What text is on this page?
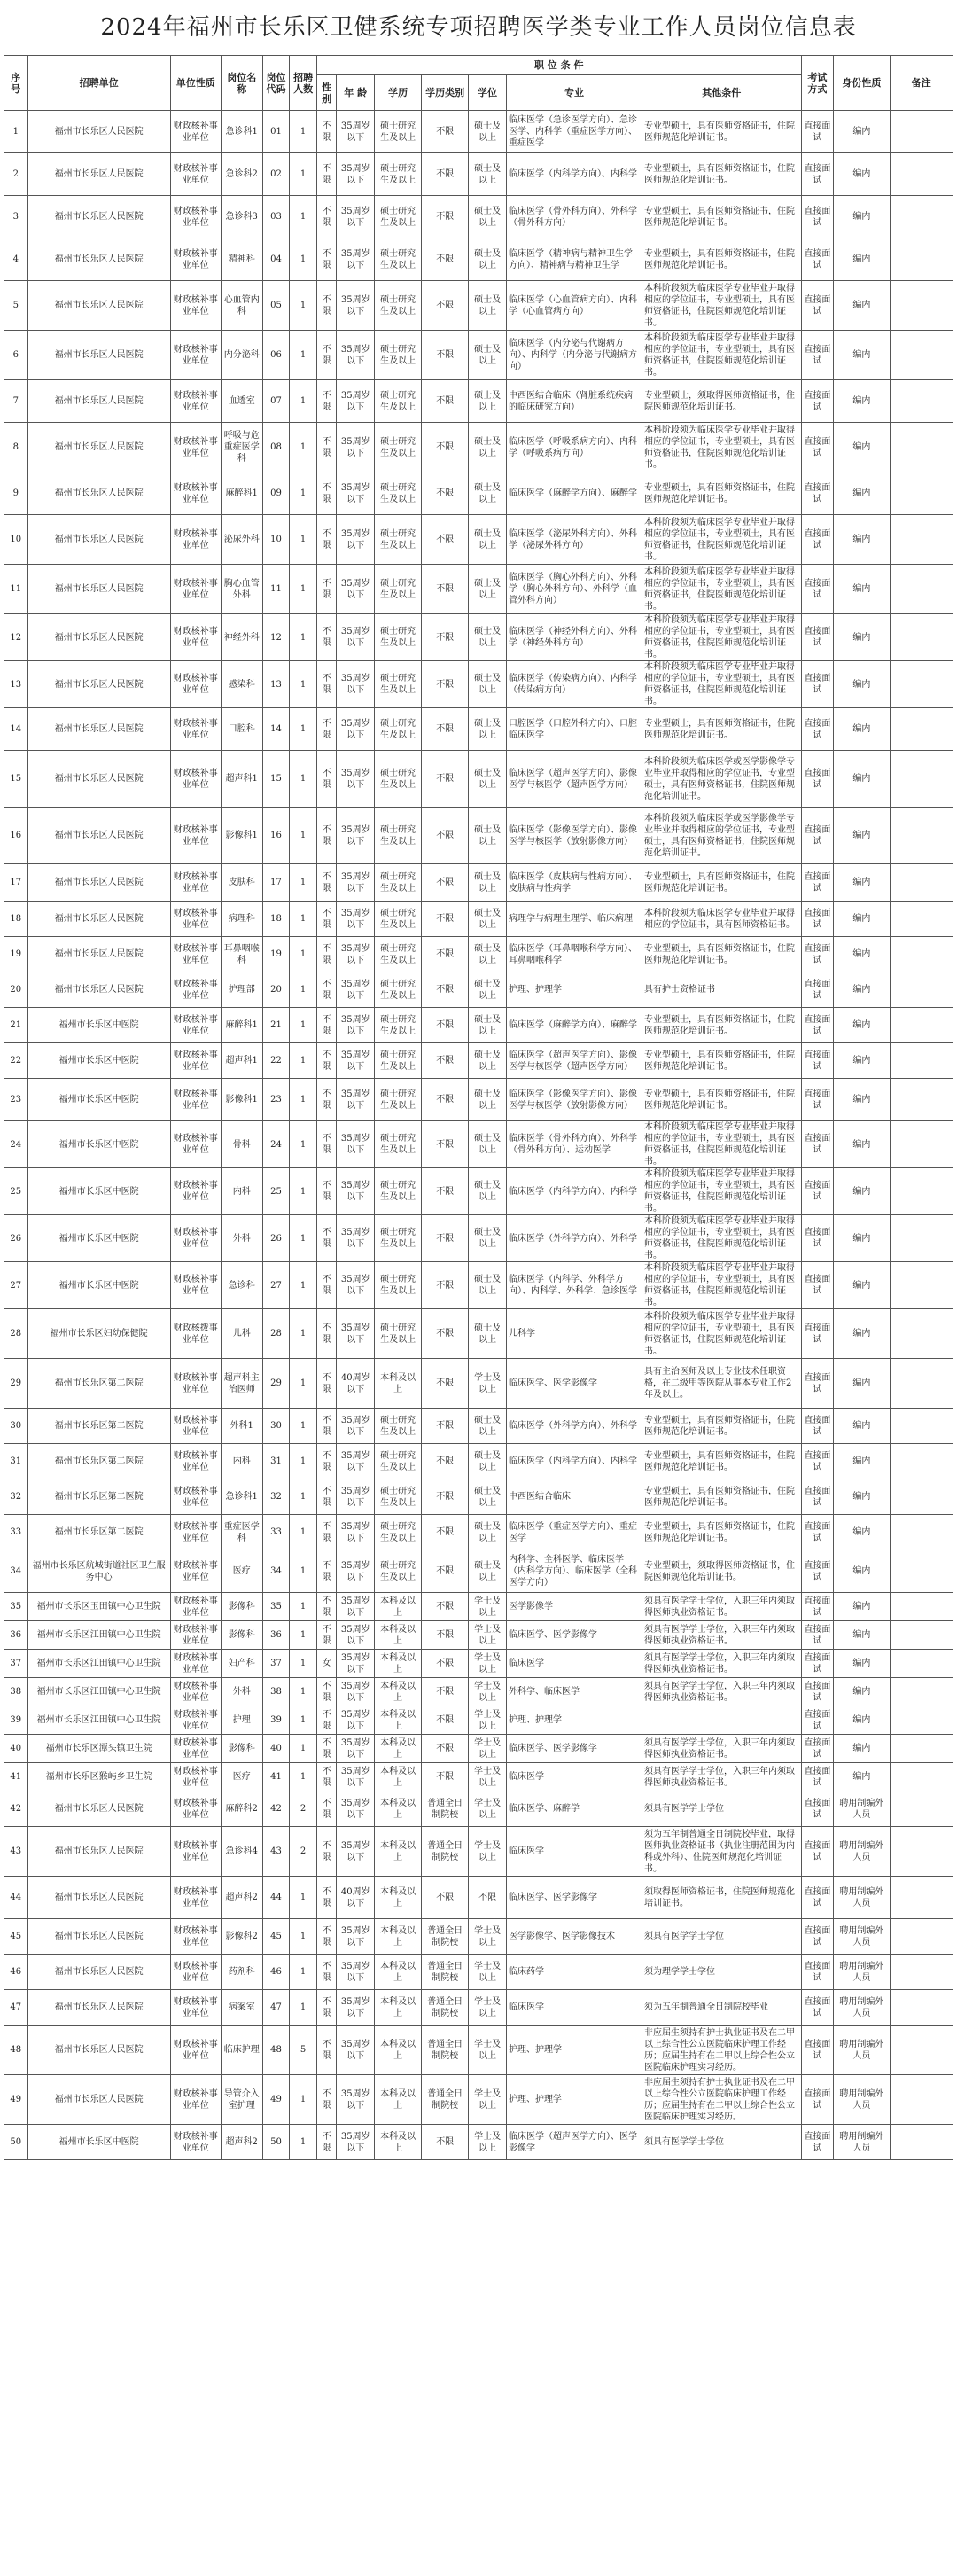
2024年福州市长乐区卫健系统专项招聘医学类专业工作人员岗位信息表
序号	招聘单位	单位性质	岗位名称	岗位代码	招聘人数	职 位 条 件							考试方式	身份性质	备注
						性别	年 龄	学历	学历类别	学位	专业	其他条件			
1	福州市长乐区人民医院	财政核补事业单位	急诊科1	01	1	不限	35周岁以下	硕士研究生及以上	不限	硕士及以上	临床医学（急诊医学方向）、急诊医学、内科学（重症医学方向）、重症医学	专业型硕士，具有医师资格证书，住院医师规范化培训证书。	直接面试	编内	
2	福州市长乐区人民医院	财政核补事业单位	急诊科2	02	1	不限	35周岁以下	硕士研究生及以上	不限	硕士及以上	临床医学（内科学方向）、内科学	专业型硕士，具有医师资格证书，住院医师规范化培训证书。	直接面试	编内	
3	福州市长乐区人民医院	财政核补事业单位	急诊科3	03	1	不限	35周岁以下	硕士研究生及以上	不限	硕士及以上	临床医学（骨外科方向）、外科学（骨外科方向）	专业型硕士，具有医师资格证书，住院医师规范化培训证书。	直接面试	编内	
4	福州市长乐区人民医院	财政核补事业单位	精神科	04	1	不限	35周岁以下	硕士研究生及以上	不限	硕士及以上	临床医学（精神病与精神卫生学方向）、精神病与精神卫生学	专业型硕士，具有医师资格证书，住院医师规范化培训证书。	直接面试	编内	
5	福州市长乐区人民医院	财政核补事业单位	心血管内科	05	1	不限	35周岁以下	硕士研究生及以上	不限	硕士及以上	临床医学（心血管病方向）、内科学（心血管病方向）	本科阶段须为临床医学专业毕业并取得相应的学位证书，专业型硕士，具有医师资格证书，住院医师规范化培训证书。	直接面试	编内	
6	福州市长乐区人民医院	财政核补事业单位	内分泌科	06	1	不限	35周岁以下	硕士研究生及以上	不限	硕士及以上	临床医学（内分泌与代谢病方向）、内科学（内分泌与代谢病方向）	本科阶段须为临床医学专业毕业并取得相应的学位证书，专业型硕士，具有医师资格证书，住院医师规范化培训证书。	直接面试	编内	
7	福州市长乐区人民医院	财政核补事业单位	血透室	07	1	不限	35周岁以下	硕士研究生及以上	不限	硕士及以上	中西医结合临床（肾脏系统疾病的临床研究方向）	专业型硕士，须取得医师资格证书，住院医师规范化培训证书。	直接面试	编内	
8	福州市长乐区人民医院	财政核补事业单位	呼吸与危重症医学科	08	1	不限	35周岁以下	硕士研究生及以上	不限	硕士及以上	临床医学（呼吸系病方向）、内科学（呼吸系病方向）	本科阶段须为临床医学专业毕业并取得相应的学位证书，专业型硕士，具有医师资格证书，住院医师规范化培训证书。	直接面试	编内	
9	福州市长乐区人民医院	财政核补事业单位	麻醉科1	09	1	不限	35周岁以下	硕士研究生及以上	不限	硕士及以上	临床医学（麻醉学方向）、麻醉学	专业型硕士，具有医师资格证书，住院医师规范化培训证书。	直接面试	编内	
10	福州市长乐区人民医院	财政核补事业单位	泌尿外科	10	1	不限	35周岁以下	硕士研究生及以上	不限	硕士及以上	临床医学（泌尿外科方向）、外科学（泌尿外科方向）	本科阶段须为临床医学专业毕业并取得相应的学位证书，专业型硕士，具有医师资格证书，住院医师规范化培训证书。	直接面试	编内	
11	福州市长乐区人民医院	财政核补事业单位	胸心血管外科	11	1	不限	35周岁以下	硕士研究生及以上	不限	硕士及以上	临床医学（胸心外科方向）、外科学（胸心外科方向）、外科学（血管外科方向）	本科阶段须为临床医学专业毕业并取得相应的学位证书，专业型硕士，具有医师资格证书，住院医师规范化培训证书。	直接面试	编内	
12	福州市长乐区人民医院	财政核补事业单位	神经外科	12	1	不限	35周岁以下	硕士研究生及以上	不限	硕士及以上	临床医学（神经外科方向）、外科学（神经外科方向）	本科阶段须为临床医学专业毕业并取得相应的学位证书，专业型硕士，具有医师资格证书，住院医师规范化培训证书。	直接面试	编内	
13	福州市长乐区人民医院	财政核补事业单位	感染科	13	1	不限	35周岁以下	硕士研究生及以上	不限	硕士及以上	临床医学（传染病方向）、内科学（传染病方向）	本科阶段须为临床医学专业毕业并取得相应的学位证书，专业型硕士，具有医师资格证书，住院医师规范化培训证书。	直接面试	编内	
14	福州市长乐区人民医院	财政核补事业单位	口腔科	14	1	不限	35周岁以下	硕士研究生及以上	不限	硕士及以上	口腔医学（口腔外科方向）、口腔临床医学	专业型硕士，具有医师资格证书，住院医师规范化培训证书。	直接面试	编内	
15	福州市长乐区人民医院	财政核补事业单位	超声科1	15	1	不限	35周岁以下	硕士研究生及以上	不限	硕士及以上	临床医学（超声医学方向）、影像医学与核医学（超声医学方向）	本科阶段须为临床医学或医学影像学专业毕业并取得相应的学位证书，专业型硕士，具有医师资格证书，住院医师规范化培训证书。	直接面试	编内	
16	福州市长乐区人民医院	财政核补事业单位	影像科1	16	1	不限	35周岁以下	硕士研究生及以上	不限	硕士及以上	临床医学（影像医学方向）、影像医学与核医学（放射影像方向）	本科阶段须为临床医学或医学影像学专业毕业并取得相应的学位证书，专业型硕士，具有医师资格证书，住院医师规范化培训证书。	直接面试	编内	
17	福州市长乐区人民医院	财政核补事业单位	皮肤科	17	1	不限	35周岁以下	硕士研究生及以上	不限	硕士及以上	临床医学（皮肤病与性病方向）、皮肤病与性病学	专业型硕士，具有医师资格证书，住院医师规范化培训证书。	直接面试	编内	
18	福州市长乐区人民医院	财政核补事业单位	病理科	18	1	不限	35周岁以下	硕士研究生及以上	不限	硕士及以上	病理学与病理生理学、临床病理	本科阶段须为临床医学专业毕业并取得相应的学位证书，具有医师资格证书。	直接面试	编内	
19	福州市长乐区人民医院	财政核补事业单位	耳鼻咽喉科	19	1	不限	35周岁以下	硕士研究生及以上	不限	硕士及以上	临床医学（耳鼻咽喉科学方向）、耳鼻咽喉科学	专业型硕士，具有医师资格证书，住院医师规范化培训证书。	直接面试	编内	
20	福州市长乐区人民医院	财政核补事业单位	护理部	20	1	不限	35周岁以下	硕士研究生及以上	不限	硕士及以上	护理、护理学	具有护士资格证书	直接面试	编内	
21	福州市长乐区中医院	财政核补事业单位	麻醉科1	21	1	不限	35周岁以下	硕士研究生及以上	不限	硕士及以上	临床医学（麻醉学方向）、麻醉学	专业型硕士，具有医师资格证书，住院医师规范化培训证书。	直接面试	编内	
22	福州市长乐区中医院	财政核补事业单位	超声科1	22	1	不限	35周岁以下	硕士研究生及以上	不限	硕士及以上	临床医学（超声医学方向）、影像医学与核医学（超声医学方向）	专业型硕士，具有医师资格证书，住院医师规范化培训证书。	直接面试	编内	
23	福州市长乐区中医院	财政核补事业单位	影像科1	23	1	不限	35周岁以下	硕士研究生及以上	不限	硕士及以上	临床医学（影像医学方向）、影像医学与核医学（放射影像方向）	专业型硕士，具有医师资格证书，住院医师规范化培训证书。	直接面试	编内	
24	福州市长乐区中医院	财政核补事业单位	骨科	24	1	不限	35周岁以下	硕士研究生及以上	不限	硕士及以上	临床医学（骨外科方向）、外科学（骨外科方向）、运动医学	本科阶段须为临床医学专业毕业并取得相应的学位证书，专业型硕士，具有医师资格证书，住院医师规范化培训证书。	直接面试	编内	
25	福州市长乐区中医院	财政核补事业单位	内科	25	1	不限	35周岁以下	硕士研究生及以上	不限	硕士及以上	临床医学（内科学方向）、内科学	本科阶段须为临床医学专业毕业并取得相应的学位证书，专业型硕士，具有医师资格证书，住院医师规范化培训证书。	直接面试	编内	
26	福州市长乐区中医院	财政核补事业单位	外科	26	1	不限	35周岁以下	硕士研究生及以上	不限	硕士及以上	临床医学（外科学方向）、外科学	本科阶段须为临床医学专业毕业并取得相应的学位证书，专业型硕士，具有医师资格证书，住院医师规范化培训证书。	直接面试	编内	
27	福州市长乐区中医院	财政核补事业单位	急诊科	27	1	不限	35周岁以下	硕士研究生及以上	不限	硕士及以上	临床医学（内科学、外科学方向）、内科学、外科学、急诊医学	本科阶段须为临床医学专业毕业并取得相应的学位证书，专业型硕士，具有医师资格证书，住院医师规范化培训证书。	直接面试	编内	
28	福州市长乐区妇幼保健院	财政核拨事业单位	儿科	28	1	不限	35周岁以下	硕士研究生及以上	不限	硕士及以上	儿科学	本科阶段须为临床医学专业毕业并取得相应的学位证书，专业型硕士，具有医师资格证书，住院医师规范化培训证书。	直接面试	编内	
29	福州市长乐区第二医院	财政核补事业单位	超声科主治医师	29	1	不限	40周岁以下	本科及以上	不限	学士及以上	临床医学、医学影像学	具有主治医师及以上专业技术任职资格，在二级甲等医院从事本专业工作2年及以上。	直接面试	编内	
30	福州市长乐区第二医院	财政核补事业单位	外科1	30	1	不限	35周岁以下	硕士研究生及以上	不限	硕士及以上	临床医学（外科学方向）、外科学	专业型硕士，具有医师资格证书，住院医师规范化培训证书。	直接面试	编内	
31	福州市长乐区第二医院	财政核补事业单位	内科	31	1	不限	35周岁以下	硕士研究生及以上	不限	硕士及以上	临床医学（内科学方向）、内科学	专业型硕士，具有医师资格证书，住院医师规范化培训证书。	直接面试	编内	
32	福州市长乐区第二医院	财政核补事业单位	急诊科1	32	1	不限	35周岁以下	硕士研究生及以上	不限	硕士及以上	中西医结合临床	专业型硕士，具有医师资格证书，住院医师规范化培训证书。	直接面试	编内	
33	福州市长乐区第二医院	财政核补事业单位	重症医学科	33	1	不限	35周岁以下	硕士研究生及以上	不限	硕士及以上	临床医学（重症医学方向）、重症医学	专业型硕士，具有医师资格证书，住院医师规范化培训证书。	直接面试	编内	
34	福州市长乐区航城街道社区卫生服务中心	财政核补事业单位	医疗	34	1	不限	35周岁以下	硕士研究生及以上	不限	硕士及以上	内科学、全科医学、临床医学（内科学方向）、临床医学（全科医学方向）	专业型硕士，须取得医师资格证书，住院医师规范化培训证书。	直接面试	编内	
35	福州市长乐区玉田镇中心卫生院	财政核补事业单位	影像科	35	1	不限	35周岁以下	本科及以上	不限	学士及以上	医学影像学	须具有医学学士学位，入职三年内须取得医师执业资格证书。	直接面试	编内	
36	福州市长乐区江田镇中心卫生院	财政核补事业单位	影像科	36	1	不限	35周岁以下	本科及以上	不限	学士及以上	临床医学、医学影像学	须具有医学学士学位，入职三年内须取得医师执业资格证书。	直接面试	编内	
37	福州市长乐区江田镇中心卫生院	财政核补事业单位	妇产科	37	1	女	35周岁以下	本科及以上	不限	学士及以上	临床医学	须具有医学学士学位，入职三年内须取得医师执业资格证书。	直接面试	编内	
38	福州市长乐区江田镇中心卫生院	财政核补事业单位	外科	38	1	不限	35周岁以下	本科及以上	不限	学士及以上	外科学、临床医学	须具有医学学士学位，入职三年内须取得医师执业资格证书。	直接面试	编内	
39	福州市长乐区江田镇中心卫生院	财政核补事业单位	护理	39	1	不限	35周岁以下	本科及以上	不限	学士及以上	护理、护理学		直接面试	编内	
40	福州市长乐区潭头镇卫生院	财政核补事业单位	影像科	40	1	不限	35周岁以下	本科及以上	不限	学士及以上	临床医学、医学影像学	须具有医学学士学位，入职三年内须取得医师执业资格证书。	直接面试	编内	
41	福州市长乐区猴屿乡卫生院	财政核补事业单位	医疗	41	1	不限	35周岁以下	本科及以上	不限	学士及以上	临床医学	须具有医学学士学位，入职三年内须取得医师执业资格证书。	直接面试	编内	
42	福州市长乐区人民医院	财政核补事业单位	麻醉科2	42	2	不限	35周岁以下	本科及以上	普通全日制院校	学士及以上	临床医学、麻醉学	须具有医学学士学位	直接面试	聘用制编外人员	
43	福州市长乐区人民医院	财政核补事业单位	急诊科4	43	2	不限	35周岁以下	本科及以上	普通全日制院校	学士及以上	临床医学	须为五年制普通全日制院校毕业，取得医师执业资格证书（执业注册范围为内科或外科）、住院医师规范化培训证书。	直接面试	聘用制编外人员	
44	福州市长乐区人民医院	财政核补事业单位	超声科2	44	1	不限	40周岁以下	本科及以上	不限	不限	临床医学、医学影像学	须取得医师资格证书，住院医师规范化培训证书。	直接面试	聘用制编外人员	
45	福州市长乐区人民医院	财政核补事业单位	影像科2	45	1	不限	35周岁以下	本科及以上	普通全日制院校	学士及以上	医学影像学、医学影像技术	须具有医学学士学位	直接面试	聘用制编外人员	
46	福州市长乐区人民医院	财政核补事业单位	药剂科	46	1	不限	35周岁以下	本科及以上	普通全日制院校	学士及以上	临床药学	须为理学学士学位	直接面试	聘用制编外人员	
47	福州市长乐区人民医院	财政核补事业单位	病案室	47	1	不限	35周岁以下	本科及以上	普通全日制院校	学士及以上	临床医学	须为五年制普通全日制院校毕业	直接面试	聘用制编外人员	
48	福州市长乐区人民医院	财政核补事业单位	临床护理	48	5	不限	35周岁以下	本科及以上	普通全日制院校	学士及以上	护理、护理学	非应届生须持有护士执业证书及在二甲以上综合性公立医院临床护理工作经历；应届生持有在二甲以上综合性公立医院临床护理实习经历。	直接面试	聘用制编外人员	
49	福州市长乐区人民医院	财政核补事业单位	导管介入室护理	49	1	不限	35周岁以下	本科及以上	普通全日制院校	学士及以上	护理、护理学	非应届生须持有护士执业证书及在二甲以上综合性公立医院临床护理工作经历；应届生持有在二甲以上综合性公立医院临床护理实习经历。	直接面试	聘用制编外人员	
50	福州市长乐区中医院	财政核补事业单位	超声科2	50	1	不限	35周岁以下	本科及以上	不限	学士及以上	临床医学（超声医学方向）、医学影像学	须具有医学学士学位	直接面试	聘用制编外人员	
